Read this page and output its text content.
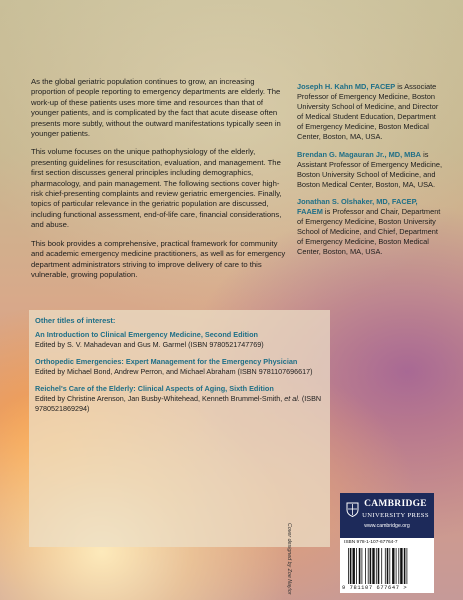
As the global geriatric population continues to grow, an increasing proportion of people reporting to emergency departments are elderly. The work-up of these patients uses more time and resources than that of younger patients, and is complicated by the fact that acute disease often presents more subtly, without the outward manifestations typically seen in younger patients.

This volume focuses on the unique pathophysiology of the elderly, presenting guidelines for resuscitation, evaluation, and management. The first section discusses general principles including demographics, pharmacology, and pain management. The following sections cover high-risk chief-presenting complaints and review geriatric emergencies. Finally, topics of particular relevance in the geriatric population are discussed, including functional assessment, end-of-life care, financial considerations, and abuse.

This book provides a comprehensive, practical framework for community and academic emergency medicine practitioners, as well as for emergency department administrators striving to improve delivery of care to this vulnerable, growing population.

Joseph H. Kahn MD, FACEP is Associate Professor of Emergency Medicine, Boston University School of Medicine, and Director of Medical Student Education, Department of Emergency Medicine, Boston Medical Center, Boston, MA, USA.

Brendan G. Magauran Jr., MD, MBA is Assistant Professor of Emergency Medicine, Boston University School of Medicine, and Boston Medical Center, Boston, MA, USA.

Jonathan S. Olshaker, MD, FACEP, FAAEM is Professor and Chair, Department of Emergency Medicine, Boston University School of Medicine, and Chief, Department of Emergency Medicine, Boston Medical Center, Boston, MA, USA.

Other titles of interest:

An Introduction to Clinical Emergency Medicine, Second Edition

Edited by S. V. Mahadevan and Gus M. Garmel (ISBN 9780521747769)

Orthopedic Emergencies: Expert Management for the Emergency Physician

Edited by Michael Bond, Andrew Perron, and Michael Abraham (ISBN 9781107696617)

Reichel's Care of the Elderly: Clinical Aspects of Aging, Sixth Edition

Edited by Christine Arenson, Jan Busby-Whitehead, Kenneth Brummel-Smith, et al. (ISBN 9780521869294)

Cover designed by Zoe Naylor
CAMBRIDGE
UNIVERSITY PRESS
www.cambridge.org
ISBN 978-1-107-67764-7
9 781107 677647 >
